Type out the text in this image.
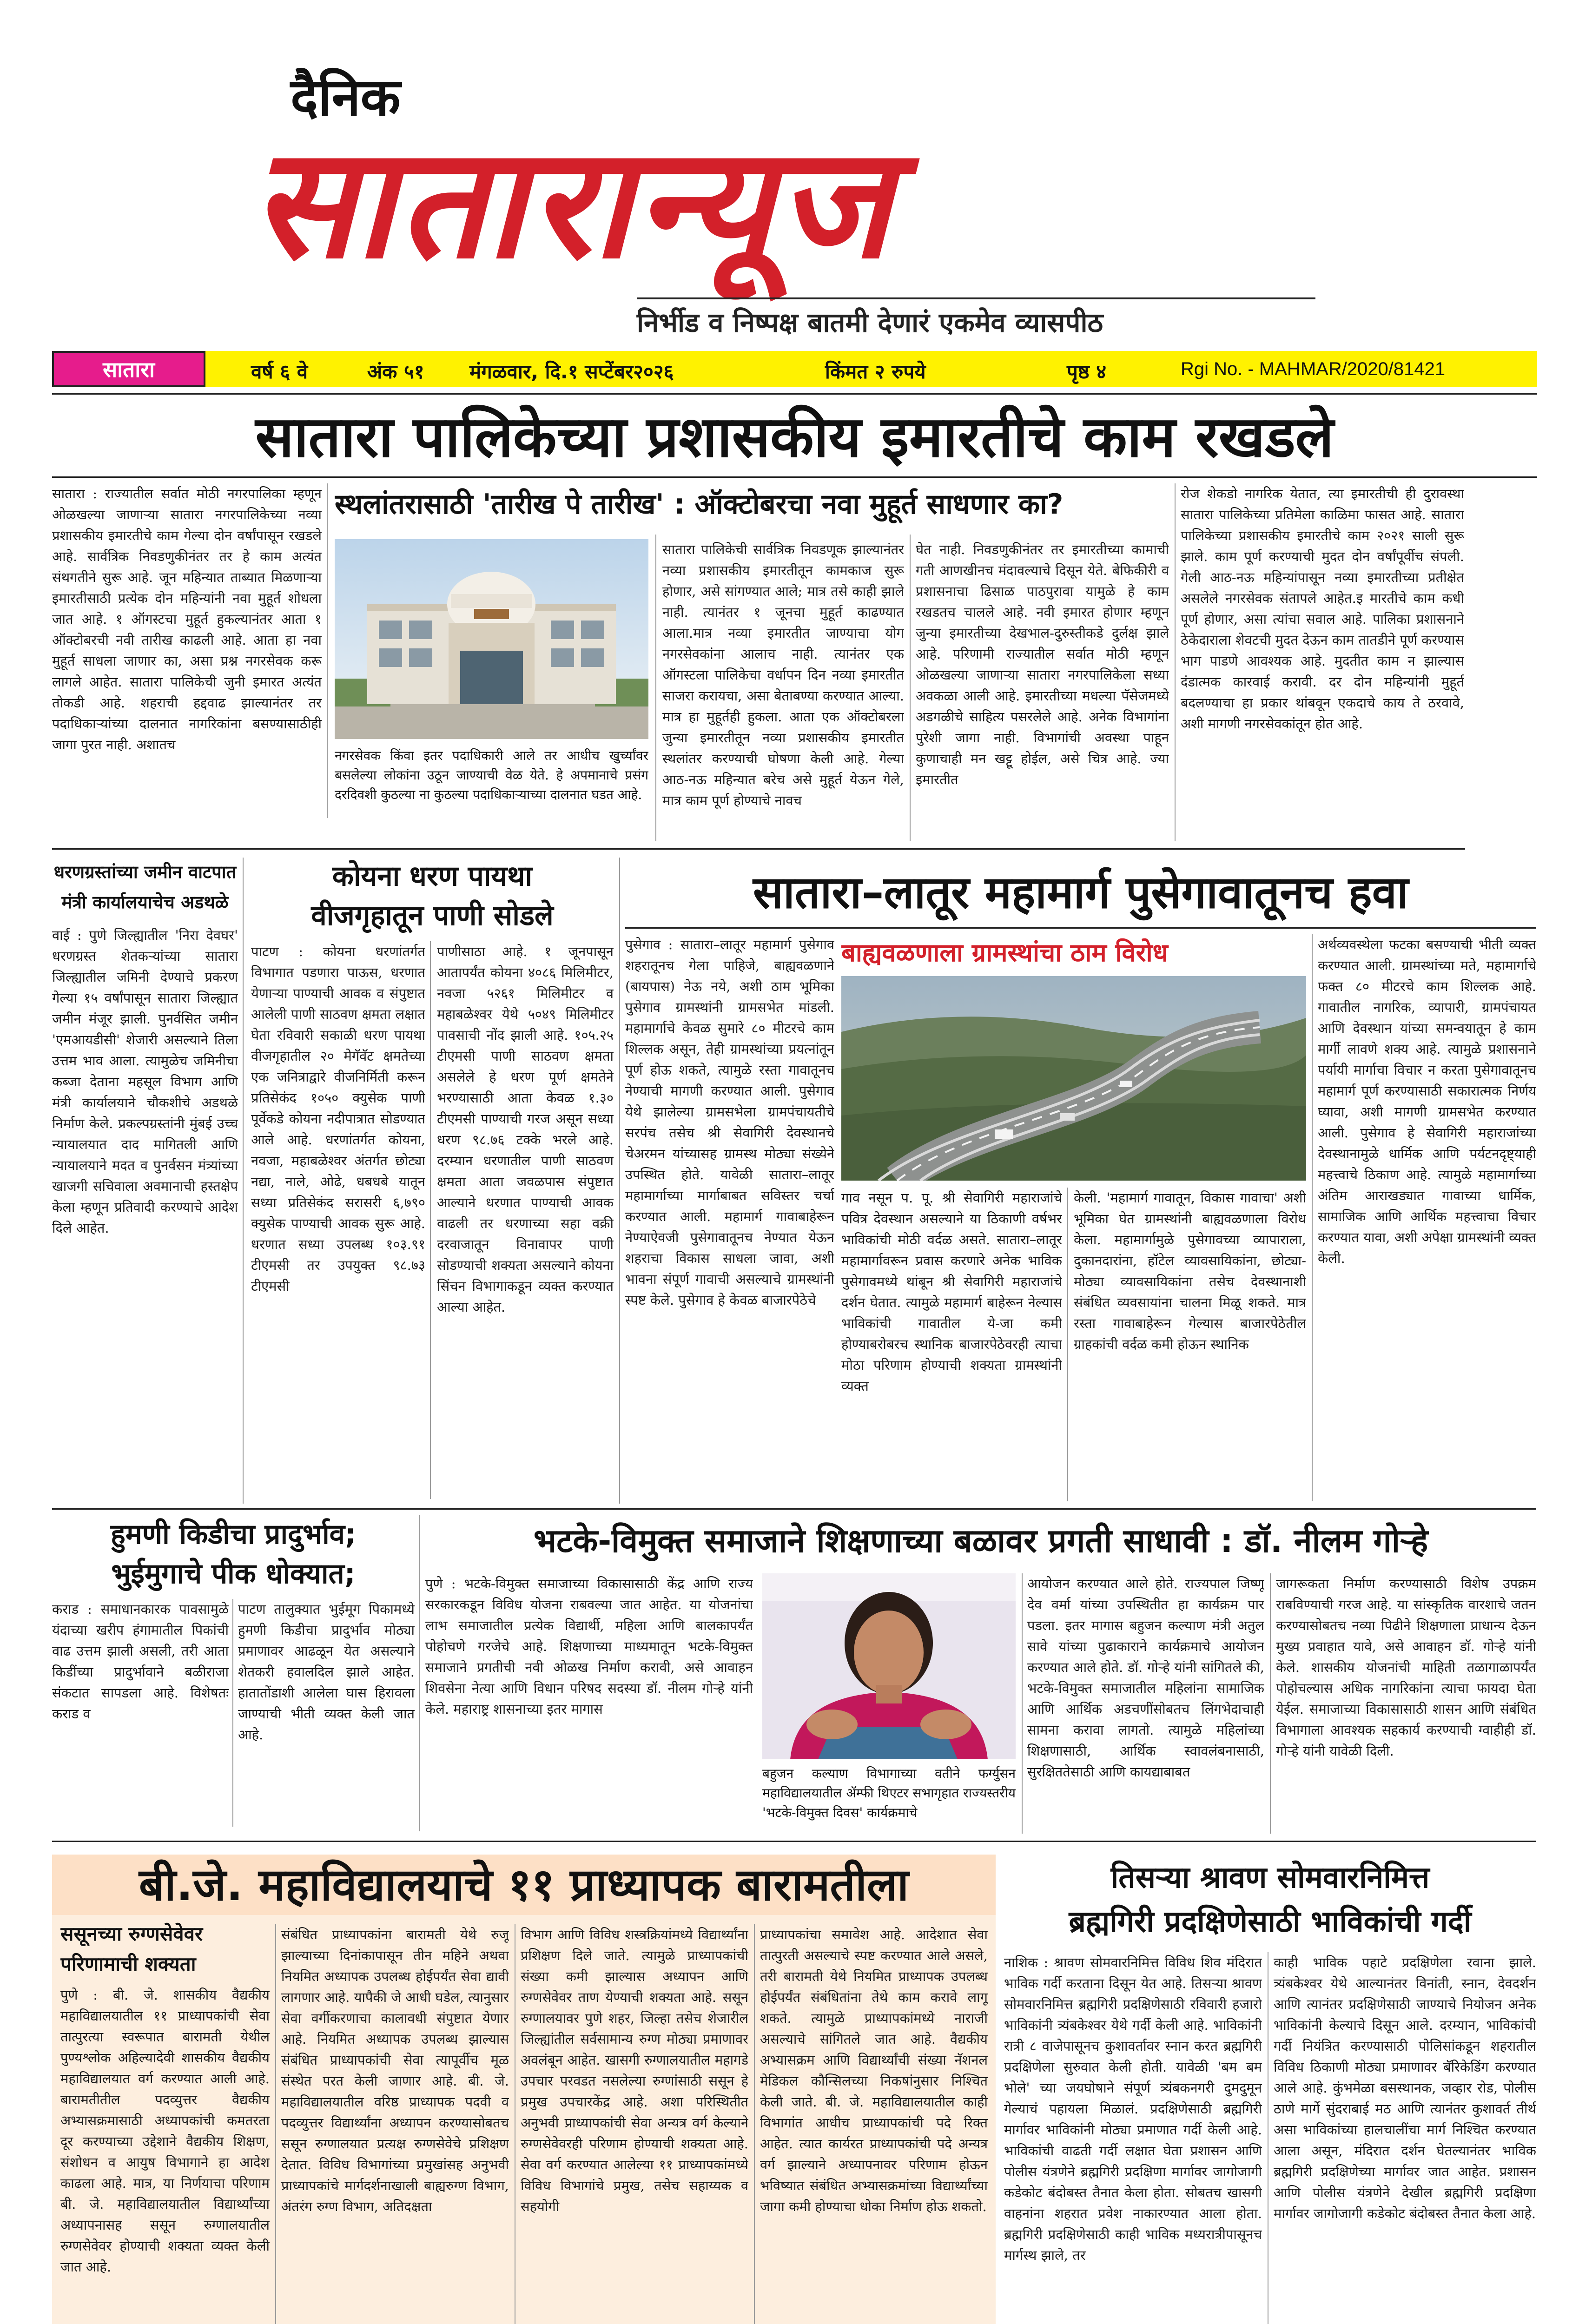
दैनिक
सातारान्यूज
निर्भीड व निष्पक्ष बातमी देणारं एकमेव व्यासपीठ
सातारा	वर्ष ६ वे	अंक ५१ मंगळवार, दि.१ सप्टेंबर२०२६	किंमत २ रुपये	पृष्ठ ४	Rgi No. - MAHMAR/2020/81421
सातारा पालिकेच्या प्रशासकीय इमारतीचे काम रखडले
सातारा : राज्यातील सर्वात मोठी नगरपालिका म्हणून ओळखल्या जाणाऱ्या सातारा नगरपालिकेच्या नव्या प्रशासकीय इमारतीचे काम गेल्या दोन वर्षांपासून रखडले आहे. सार्वत्रिक निवडणुकीनंतर तर हे काम अत्यंत संथगतीने सुरू आहे. जून महिन्यात ताब्यात मिळणाऱ्या इमारतीसाठी प्रत्येक दोन महिन्यांनी नवा मुहूर्त शोधला जात आहे. १ ऑगस्टचा मुहूर्त हुकल्यानंतर आता १ ऑक्टोबरची नवी तारीख काढली आहे. आता हा नवा मुहूर्त साधला जाणार का, असा प्रश्न नगरसेवक करू लागले आहेत. सातारा पालिकेची जुनी इमारत अत्यंत तोकडी आहे. शहराची हद्दवाढ झाल्यानंतर तर पदाधिकाऱ्यांच्या दालनात नागरिकांना बसण्यासाठीही जागा पुरत नाही. अशातच
स्थलांतरासाठी 'तारीख पे तारीख' : ऑक्टोबरचा नवा मुहूर्त साधणार का?
नगरसेवक किंवा इतर पदाधिकारी आले तर आधीच खुर्च्यांवर बसलेल्या लोकांना उठून जाण्याची वेळ येते. हे अपमानाचे प्रसंग दरदिवशी कुठल्या ना कुठल्या पदाधिकाऱ्याच्या दालनात घडत आहे.
सातारा पालिकेची सार्वत्रिक निवडणूक झाल्यानंतर नव्या प्रशासकीय इमारतीतून कामकाज सुरू होणार, असे सांगण्यात आले; मात्र तसे काही झाले नाही. त्यानंतर १ जूनचा मुहूर्त काढण्यात आला.मात्र नव्या इमारतीत जाण्याचा योग नगरसेवकांना आलाच नाही. त्यानंतर एक ऑगस्टला पालिकेचा वर्धापन दिन नव्या इमारतीत साजरा करायचा, असा बेताबण्या करण्यात आल्या. मात्र हा मुहूर्तही हुकला. आता एक ऑक्टोबरला जुन्या इमारतीतून नव्या प्रशासकीय इमारतीत स्थलांतर करण्याची घोषणा केली आहे. गेल्या आठ-नऊ महिन्यात बरेच असे मुहूर्त येऊन गेले, मात्र काम पूर्ण होण्याचे नावच
घेत नाही. निवडणुकीनंतर तर इमारतीच्या कामाची गती आणखीनच मंदावल्याचे दिसून येते. बेफिकीरी व प्रशासनाचा ढिसाळ पाठपुरावा यामुळे हे काम रखडतच चालले आहे. नवी इमारत होणार म्हणून जुन्या इमारतीच्या देखभाल-दुरुस्तीकडे दुर्लक्ष झाले आहे. परिणामी राज्यातील सर्वात मोठी म्हणून ओळखल्या जाणाऱ्या सातारा नगरपालिकेला सध्या अवकळा आली आहे. इमारतीच्या मधल्या पॅसेजमध्ये अडगळीचे साहित्य पसरलेले आहे. अनेक विभागांना पुरेशी जागा नाही. विभागांची अवस्था पाहून कुणाचाही मन खट्टू होईल, असे चित्र आहे. ज्या इमारतीत
रोज शेकडो नागरिक येतात, त्या इमारतीची ही दुरावस्था सातारा पालिकेच्या प्रतिमेला काळिमा फासत आहे. सातारा पालिकेच्या प्रशासकीय इमारतीचे काम २०२१ साली सुरू झाले. काम पूर्ण करण्याची मुदत दोन वर्षांपूर्वीच संपली. गेली आठ-नऊ महिन्यांपासून नव्या इमारतीच्या प्रतीक्षेत असलेले नगरसेवक संतापले आहेत.इ मारतीचे काम कधी पूर्ण होणार, असा त्यांचा सवाल आहे. पालिका प्रशासनाने ठेकेदाराला शेवटची मुदत देऊन काम तातडीने पूर्ण करण्यास भाग पाडणे आवश्यक आहे. मुदतीत काम न झाल्यास दंडात्मक कारवाई करावी. दर दोन महिन्यांनी मुहूर्त बदलण्याचा हा प्रकार थांबवून एकदाचे काय ते ठरवावे, अशी मागणी नगरसेवकांतून होत आहे.
धरणग्रस्तांच्या जमीन वाटपात
मंत्री कार्यालयाचेच अडथळे
वाई : पुणे जिल्ह्यातील 'निरा देवघर' धरणग्रस्त शेतकऱ्यांच्या सातारा जिल्ह्यातील जमिनी देण्याचे प्रकरण गेल्या १५ वर्षांपासून सातारा जिल्ह्यात जमीन मंजूर झाली. पुनर्वसित जमीन 'एमआयडीसी' शेजारी असल्याने तिला उत्तम भाव आला. त्यामुळेच जमिनीचा कब्जा देताना महसूल विभाग आणि मंत्री कार्यालयाने चौकशीचे अडथळे निर्माण केले. प्रकल्पग्रस्तांनी मुंबई उच्च न्यायालयात दाद मागितली आणि न्यायालयाने मदत व पुनर्वसन मंत्र्यांच्या खाजगी सचिवाला अवमानाची हस्तक्षेप केला म्हणून प्रतिवादी करण्याचे आदेश दिले आहेत.
कोयना धरण पायथा
वीजगृहातून पाणी सोडले
पाटण : कोयना धरणांतर्गत विभागात पडणारा पाऊस, धरणात येणाऱ्या पाण्याची आवक व संपुष्टात आलेली पाणी साठवण क्षमता लक्षात घेता रविवारी सकाळी धरण पायथा वीजगृहातील २० मेगॅवॅट क्षमतेच्या एक जनित्राद्वारे वीजनिर्मिती करून प्रतिसेकंद १०५० क्युसेक पाणी पूर्वेकडे कोयना नदीपात्रात सोडण्यात आले आहे. धरणांतर्गत कोयना, नवजा, महाबळेश्वर अंतर्गत छोट्या नद्या, नाले, ओढे, धबधबे यातून सध्या प्रतिसेकंद सरासरी ६,७९० क्युसेक पाण्याची आवक सुरू आहे. धरणात सध्या उपलब्ध १०३.९१ टीएमसी तर उपयुक्त ९८.७३ टीएमसी
पाणीसाठा आहे. १ जूनपासून आतापर्यंत कोयना ४०८६ मिलिमीटर, नवजा ५२६१ मिलिमीटर व महाबळेश्वर येथे ५०४९ मिलिमीटर पावसाची नोंद झाली आहे. १०५.२५ टीएमसी पाणी साठवण क्षमता असलेले हे धरण पूर्ण क्षमतेने भरण्यासाठी आता केवळ १.३० टीएमसी पाण्याची गरज असून सध्या धरण ९८.७६ टक्के भरले आहे. दरम्यान धरणातील पाणी साठवण क्षमता आता जवळपास संपुष्टात आल्याने धरणात पाण्याची आवक वाढली तर धरणाच्या सहा वक्री दरवाजातून विनावापर पाणी सोडण्याची शक्यता असल्याने कोयना सिंचन विभागाकडून व्यक्त करण्यात आल्या आहेत.
सातारा–लातूर महामार्ग पुसेगावातूनच हवा
पुसेगाव : सातारा–लातूर महामार्ग पुसेगाव शहरातूनच गेला पाहिजे, बाह्यवळणाने (बायपास) नेऊ नये, अशी ठाम भूमिका पुसेगाव ग्रामस्थांनी ग्रामसभेत मांडली. महामार्गाचे केवळ सुमारे ८० मीटरचे काम शिल्लक असून, तेही ग्रामस्थांच्या प्रयत्नांतून पूर्ण होऊ शकते, त्यामुळे रस्ता गावातूनच नेण्याची मागणी करण्यात आली. पुसेगाव येथे झालेल्या ग्रामसभेला ग्रामपंचायतीचे सरपंच तसेच श्री सेवागिरी देवस्थानचे चेअरमन यांच्यासह ग्रामस्थ मोठ्या संख्येने उपस्थित होते. यावेळी सातारा–लातूर महामार्गाच्या मार्गाबाबत सविस्तर चर्चा करण्यात आली. महामार्ग गावाबाहेरून नेण्याऐवजी पुसेगावातूनच नेण्यात येऊन शहराचा विकास साधला जावा, अशी भावना संपूर्ण गावाची असल्याचे ग्रामस्थांनी स्पष्ट केले. पुसेगाव हे केवळ बाजारपेठेचे
बाह्यवळणाला ग्रामस्थांचा ठाम विरोध
गाव नसून प. पू. श्री सेवागिरी महाराजांचे पवित्र देवस्थान असल्याने या ठिकाणी वर्षभर भाविकांची मोठी वर्दळ असते. सातारा–लातूर महामार्गावरून प्रवास करणारे अनेक भाविक पुसेगावमध्ये थांबून श्री सेवागिरी महाराजांचे दर्शन घेतात. त्यामुळे महामार्ग बाहेरून नेल्यास भाविकांची गावातील ये-जा कमी होण्याबरोबरच स्थानिक बाजारपेठेवरही त्याचा मोठा परिणाम होण्याची शक्यता ग्रामस्थांनी व्यक्त
केली. 'महामार्ग गावातून, विकास गावाचा' अशी भूमिका घेत ग्रामस्थांनी बाह्यवळणाला विरोध केला. महामार्गामुळे पुसेगावच्या व्यापाराला, दुकानदारांना, हॉटेल व्यावसायिकांना, छोट्या-मोठ्या व्यावसायिकांना तसेच देवस्थानाशी संबंधित व्यवसायांना चालना मिळू शकते. मात्र रस्ता गावाबाहेरून गेल्यास बाजारपेठेतील ग्राहकांची वर्दळ कमी होऊन स्थानिक
अर्थव्यवस्थेला फटका बसण्याची भीती व्यक्त करण्यात आली. ग्रामस्थांच्या मते, महामार्गाचे फक्त ८० मीटरचे काम शिल्लक आहे. गावातील नागरिक, व्यापारी, ग्रामपंचायत आणि देवस्थान यांच्या समन्वयातून हे काम मार्गी लावणे शक्य आहे. त्यामुळे प्रशासनाने पर्यायी मार्गाचा विचार न करता पुसेगावातूनच महामार्ग पूर्ण करण्यासाठी सकारात्मक निर्णय घ्यावा, अशी मागणी ग्रामसभेत करण्यात आली. पुसेगाव हे सेवागिरी महाराजांच्या देवस्थानामुळे धार्मिक आणि पर्यटनदृष्ट्याही महत्त्वाचे ठिकाण आहे. त्यामुळे महामार्गाच्या अंतिम आराखड्यात गावाच्या धार्मिक, सामाजिक आणि आर्थिक महत्त्वाचा विचार करण्यात यावा, अशी अपेक्षा ग्रामस्थांनी व्यक्त केली.
हुमणी किडीचा प्रादुर्भाव;
भुईमुगाचे पीक धोक्यात;
कराड : समाधानकारक पावसामुळे यंदाच्या खरीप हंगामातील पिकांची वाढ उत्तम झाली असली, तरी आता किडींच्या प्रादुर्भावाने बळीराजा संकटात सापडला आहे. विशेषतः कराड व
पाटण तालुक्यात भुईमूग पिकामध्ये हुमणी किडीचा प्रादुर्भाव मोठ्या प्रमाणावर आढळून येत असल्याने शेतकरी हवालदिल झाले आहेत. हातातोंडाशी आलेला घास हिरावला जाण्याची भीती व्यक्त केली जात आहे.
भटके-विमुक्त समाजाने शिक्षणाच्या बळावर प्रगती साधावी : डॉ. नीलम गोऱ्हे
पुणे : भटके-विमुक्त समाजाच्या विकासासाठी केंद्र आणि राज्य सरकारकडून विविध योजना राबवल्या जात आहेत. या योजनांचा लाभ समाजातील प्रत्येक विद्यार्थी, महिला आणि बालकापर्यंत पोहोचणे गरजेचे आहे. शिक्षणाच्या माध्यमातून भटके-विमुक्त समाजाने प्रगतीची नवी ओळख निर्माण करावी, असे आवाहन शिवसेना नेत्या आणि विधान परिषद सदस्या डॉ. नीलम गोऱ्हे यांनी केले. महाराष्ट्र शासनाच्या इतर मागास
बहुजन कल्याण विभागाच्या वतीने फर्ग्युसन महाविद्यालयातील ॲम्फी थिएटर सभागृहात राज्यस्तरीय 'भटके-विमुक्त दिवस' कार्यक्रमाचे
आयोजन करण्यात आले होते. राज्यपाल जिष्णू देव वर्मा यांच्या उपस्थितीत हा कार्यक्रम पार पडला. इतर मागास बहुजन कल्याण मंत्री अतुल सावे यांच्या पुढाकाराने कार्यक्रमाचे आयोजन करण्यात आले होते. डॉ. गोऱ्हे यांनी सांगितले की, भटके-विमुक्त समाजातील महिलांना सामाजिक आणि आर्थिक अडचणींसोबतच लिंगभेदाचाही सामना करावा लागतो. त्यामुळे महिलांच्या शिक्षणासाठी, आर्थिक स्वावलंबनासाठी, सुरक्षिततेसाठी आणि कायद्याबाबत
जागरूकता निर्माण करण्यासाठी विशेष उपक्रम राबविण्याची गरज आहे. या सांस्कृतिक वारशाचे जतन करण्यासोबतच नव्या पिढीने शिक्षणाला प्राधान्य देऊन मुख्य प्रवाहात यावे, असे आवाहन डॉ. गोऱ्हे यांनी केले. शासकीय योजनांची माहिती तळागाळापर्यंत पोहोचल्यास अधिक नागरिकांना त्याचा फायदा घेता येईल. समाजाच्या विकासासाठी शासन आणि संबंधित विभागाला आवश्यक सहकार्य करण्याची ग्वाहीही डॉ. गोऱ्हे यांनी यावेळी दिली.
बी.जे. महाविद्यालयाचे ११ प्राध्यापक बारामतीला
ससूनच्या रुग्णसेवेवर
परिणामाची शक्यता
पुणे : बी. जे. शासकीय वैद्यकीय महाविद्यालयातील ११ प्राध्यापकांची सेवा तात्पुरत्या स्वरूपात बारामती येथील पुण्यश्लोक अहिल्यादेवी शासकीय वैद्यकीय महाविद्यालयात वर्ग करण्यात आली आहे. बारामतीतील पदव्युत्तर वैद्यकीय अभ्यासक्रमासाठी अध्यापकांची कमतरता दूर करण्याच्या उद्देशाने वैद्यकीय शिक्षण, संशोधन व आयुष विभागाने हा आदेश काढला आहे. मात्र, या निर्णयाचा परिणाम बी. जे. महाविद्यालयातील विद्यार्थ्यांच्या अध्यापनासह ससून रुग्णालयातील रुग्णसेवेवर होण्याची शक्यता व्यक्त केली जात आहे.
संबंधित प्राध्यापकांना बारामती येथे रुजू झाल्याच्या दिनांकापासून तीन महिने अथवा नियमित अध्यापक उपलब्ध होईपर्यंत सेवा द्यावी लागणार आहे. यापैकी जे आधी घडेल, त्यानुसार सेवा वर्गीकरणाचा कालावधी संपुष्टात येणार आहे. नियमित अध्यापक उपलब्ध झाल्यास संबंधित प्राध्यापकांची सेवा त्यापूर्वीच मूळ संस्थेत परत केली जाणार आहे. बी. जे. महाविद्यालयातील वरिष्ठ प्राध्यापक पदवी व पदव्युत्तर विद्यार्थ्यांना अध्यापन करण्यासोबतच ससून रुग्णालयात प्रत्यक्ष रुग्णसेवेचे प्रशिक्षण देतात. विविध विभागांच्या प्रमुखांसह अनुभवी प्राध्यापकांचे मार्गदर्शनाखाली बाह्यरुग्ण विभाग, अंतरंग रुग्ण विभाग, अतिदक्षता
विभाग आणि विविध शस्त्रक्रियांमध्ये विद्यार्थ्यांना प्रशिक्षण दिले जाते. त्यामुळे प्राध्यापकांची संख्या कमी झाल्यास अध्यापन आणि रुग्णसेवेवर ताण येण्याची शक्यता आहे. ससून रुग्णालयावर पुणे शहर, जिल्हा तसेच शेजारील जिल्ह्यांतील सर्वसामान्य रुग्ण मोठ्या प्रमाणावर अवलंबून आहेत. खासगी रुग्णालयातील महागडे उपचार परवडत नसलेल्या रुग्णांसाठी ससून हे प्रमुख उपचारकेंद्र आहे. अशा परिस्थितीत अनुभवी प्राध्यापकांची सेवा अन्यत्र वर्ग केल्याने रुग्णसेवेवरही परिणाम होण्याची शक्यता आहे. सेवा वर्ग करण्यात आलेल्या ११ प्राध्यापकांमध्ये विविध विभागांचे प्रमुख, तसेच सहाय्यक व सहयोगी
प्राध्यापकांचा समावेश आहे. आदेशात सेवा तात्पुरती असल्याचे स्पष्ट करण्यात आले असले, तरी बारामती येथे नियमित प्राध्यापक उपलब्ध होईपर्यंत संबंधितांना तेथे काम करावे लागू शकते. त्यामुळे प्राध्यापकांमध्ये नाराजी असल्याचे सांगितले जात आहे. वैद्यकीय अभ्यासक्रम आणि विद्यार्थ्यांची संख्या नॅशनल मेडिकल कौन्सिलच्या निकषांनुसार निश्चित केली जाते. बी. जे. महाविद्यालयातील काही विभागांत आधीच प्राध्यापकांची पदे रिक्त आहेत. त्यात कार्यरत प्राध्यापकांची पदे अन्यत्र वर्ग झाल्याने अध्यापनावर परिणाम होऊन भविष्यात संबंधित अभ्यासक्रमांच्या विद्यार्थ्यांच्या जागा कमी होण्याचा धोका निर्माण होऊ शकतो.
तिसऱ्या श्रावण सोमवारनिमित्त
ब्रह्मगिरी प्रदक्षिणेसाठी भाविकांची गर्दी
नाशिक : श्रावण सोमवारनिमित्त विविध शिव मंदिरात भाविक गर्दी करताना दिसून येत आहे. तिसऱ्या श्रावण सोमवारनिमित्त ब्रह्मगिरी प्रदक्षिणेसाठी रविवारी हजारो भाविकांनी त्र्यंबकेश्वर येथे गर्दी केली आहे. भाविकांनी रात्री ८ वाजेपासूनच कुशावर्तावर स्नान करत ब्रह्मगिरी प्रदक्षिणेला सुरुवात केली होती. यावेळी 'बम बम भोले' च्या जयघोषाने संपूर्ण त्र्यंबकनगरी दुमदुमून गेल्याचं पहायला मिळालं. प्रदक्षिणेसाठी ब्रह्मगिरी मार्गावर भाविकांनी मोठ्या प्रमाणात गर्दी केली आहे. भाविकांची वाढती गर्दी लक्षात घेता प्रशासन आणि पोलीस यंत्रणेने ब्रह्मगिरी प्रदक्षिणा मार्गावर जागोजागी कडेकोट बंदोबस्त तैनात केला होता. सोबतच खासगी वाहनांना शहरात प्रवेश नाकारण्यात आला होता. ब्रह्मगिरी प्रदक्षिणेसाठी काही भाविक मध्यरात्रीपासूनच मार्गस्थ झाले, तर
काही भाविक पहाटे प्रदक्षिणेला रवाना झाले. त्र्यंबकेश्वर येथे आल्यानंतर विनांती, स्नान, देवदर्शन आणि त्यानंतर प्रदक्षिणेसाठी जाण्याचे नियोजन अनेक भाविकांनी केल्याचे दिसून आले. दरम्यान, भाविकांची गर्दी नियंत्रित करण्यासाठी पोलिसांकडून शहरातील विविध ठिकाणी मोठ्या प्रमाणावर बॅरिकेडिंग करण्यात आले आहे. कुंभमेळा बसस्थानक, जव्हार रोड, पोलीस ठाणे मार्गे सुंदराबाई मठ आणि त्यानंतर कुशावर्त तीर्थ असा भाविकांच्या हालचालींचा मार्ग निश्चित करण्यात आला असून, मंदिरात दर्शन घेतल्यानंतर भाविक ब्रह्मगिरी प्रदक्षिणेच्या मार्गावर जात आहेत. प्रशासन आणि पोलीस यंत्रणेने देखील ब्रह्मगिरी प्रदक्षिणा मार्गावर जागोजागी कडेकोट बंदोबस्त तैनात केला आहे.
